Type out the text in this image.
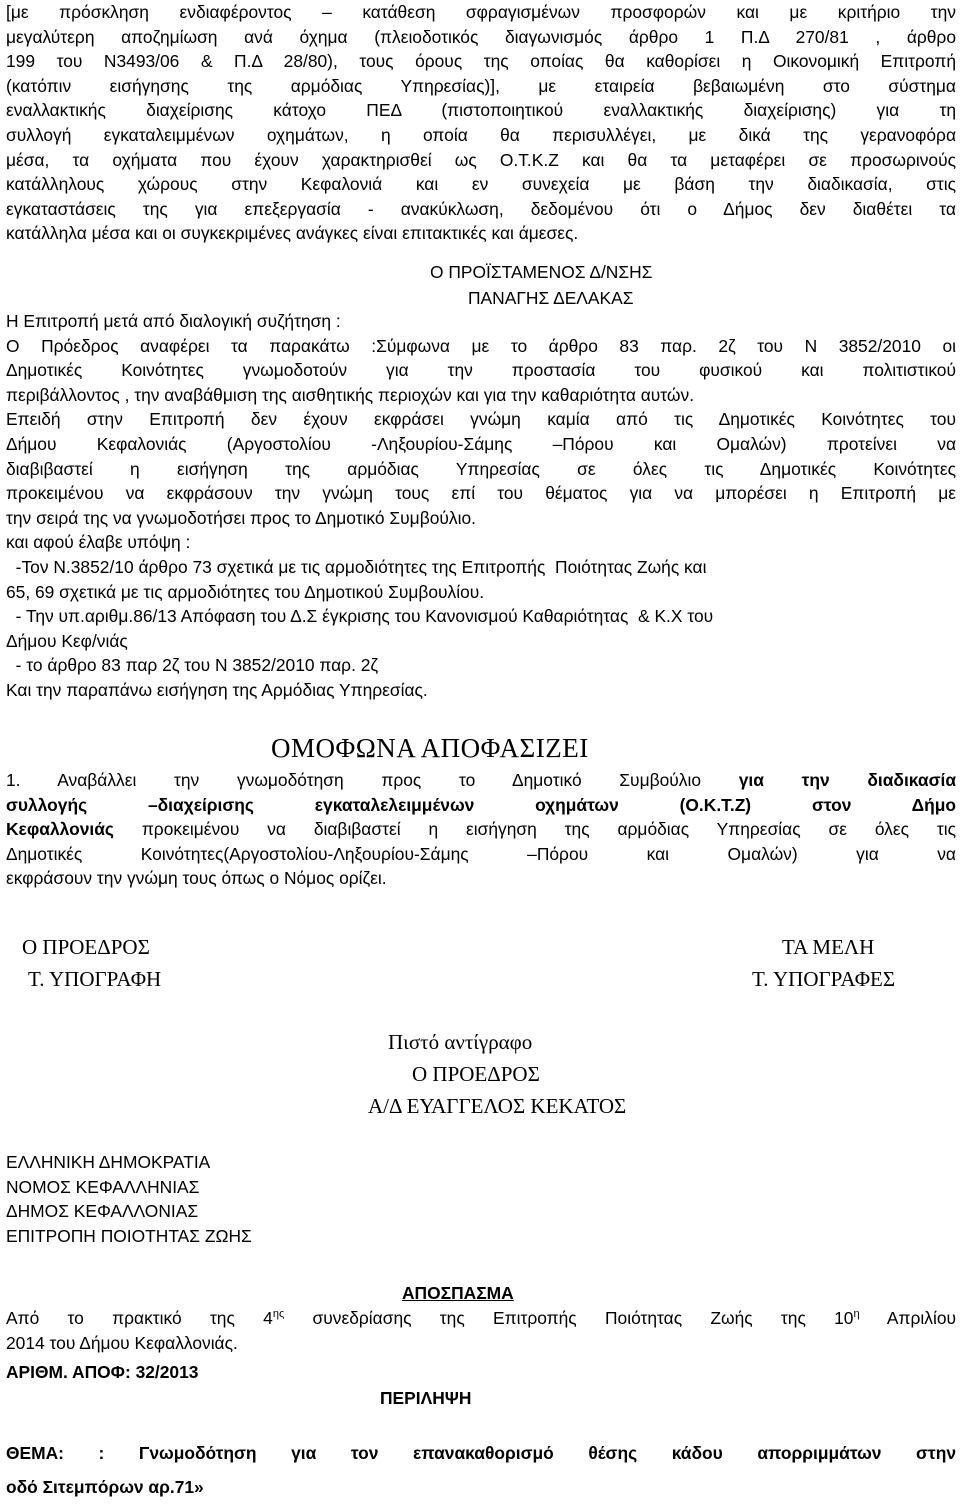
[με πρόσκληση ενδιαφέροντος – κατάθεση σφραγισμένων προσφορών και με κριτήριο την
μεγαλύτερη αποζημίωση ανά όχημα (πλειοδοτικός διαγωνισμός άρθρο 1 Π.Δ 270/81 , άρθρο
199 του Ν3493/06 & Π.Δ 28/80), τους όρους της οποίας θα καθορίσει η Οικονομική Επιτροπή
(κατόπιν εισήγησης της αρμόδιας Υπηρεσίας)], με εταιρεία βεβαιωμένη στο σύστημα
εναλλακτικής διαχείρισης κάτοχο ΠΕΔ (πιστοποιητικού εναλλακτικής διαχείρισης) για τη
συλλογή εγκαταλειμμένων οχημάτων, η οποία θα περισυλλέγει, με δικά της γερανοφόρα
μέσα, τα οχήματα που έχουν χαρακτηρισθεί ως Ο.Τ.Κ.Ζ και θα τα μεταφέρει σε προσωρινούς
κατάλληλους χώρους στην Κεφαλονιά και εν συνεχεία με βάση την διαδικασία, στις
εγκαταστάσεις της για επεξεργασία - ανακύκλωση, δεδομένου ότι ο Δήμος δεν διαθέτει τα
κατάλληλα μέσα και οι συγκεκριμένες ανάγκες είναι επιτακτικές και άμεσες.
Ο ΠΡΟΪΣΤΑΜΕΝΟΣ Δ/ΝΣΗΣ
ΠΑΝΑΓΗΣ ΔΕΛΑΚΑΣ
Η Επιτροπή μετά από διαλογική συζήτηση :
Ο Πρόεδρος αναφέρει τα παρακάτω :Σύμφωνα με το άρθρο 83 παρ. 2ζ του Ν 3852/2010 οι
Δημοτικές Κοινότητες γνωμοδοτούν για την προστασία του φυσικού και πολιτιστικού
περιβάλλοντος , την αναβάθμιση της αισθητικής περιοχών και για την καθαριότητα αυτών.
Επειδή στην Επιτροπή δεν έχουν εκφράσει γνώμη καμία από τις Δημοτικές Κοινότητες του
Δήμου Κεφαλονιάς (Αργοστολίου -Ληξουρίου-Σάμης –Πόρου και Ομαλών) προτείνει να
διαβιβαστεί η εισήγηση της αρμόδιας Υπηρεσίας σε όλες τις Δημοτικές Κοινότητες
προκειμένου να εκφράσουν την γνώμη τους επί του θέματος για να μπορέσει η Επιτροπή με
την σειρά της να γνωμοδοτήσει προς το Δημοτικό Συμβούλιο.
και αφού έλαβε υπόψη :
-Τον Ν.3852/10 άρθρο 73 σχετικά με τις αρμοδιότητες της Επιτροπής  Ποιότητας Ζωής και
65, 69 σχετικά με τις αρμοδιότητες του Δημοτικού Συμβουλίου.
- Την υπ.αριθμ.86/13 Απόφαση του Δ.Σ έγκρισης του Κανονισμού Καθαριότητας  & Κ.Χ του
Δήμου Κεφ/νιάς
- το άρθρο 83 παρ 2ζ του Ν 3852/2010 παρ. 2ζ
Και την παραπάνω εισήγηση της Αρμόδιας Υπηρεσίας.
ΟΜΟΦΩΝΑ ΑΠΟΦΑΣΙΖΕΙ
1. Αναβάλλει την γνωμοδότηση προς το Δημοτικό Συμβούλιο για την διαδικασία
συλλογής –διαχείρισης εγκαταλελειμμένων οχημάτων (Ο.Κ.Τ.Ζ) στον Δήμο
Κεφαλλονιάς προκειμένου να διαβιβαστεί η εισήγηση της αρμόδιας Υπηρεσίας σε όλες τις
Δημοτικές Κοινότητες(Αργοστολίου-Ληξουρίου-Σάμης –Πόρου και Ομαλών) για να
εκφράσουν την γνώμη τους όπως ο Νόμος ορίζει.
Ο ΠΡΟΕΔΡΟΣ
Τ. ΥΠΟΓΡΑΦΗ
ΤΑ ΜΕΛΗ
Τ. ΥΠΟΓΡΑΦΕΣ
Πιστό αντίγραφο
Ο ΠΡΟΕΔΡΟΣ
Α/Δ ΕΥΑΓΓΕΛΟΣ ΚΕΚΑΤΟΣ
ΕΛΛΗΝΙΚΗ ΔΗΜΟΚΡΑΤΙΑ
ΝΟΜΟΣ ΚΕΦΑΛΛΗΝΙΑΣ
ΔΗΜΟΣ ΚΕΦΑΛΛΟΝΙΑΣ
ΕΠΙΤΡΟΠΗ ΠΟΙΟΤΗΤΑΣ ΖΩΗΣ
ΑΠΟΣΠΑΣΜΑ
Από το πρακτικό της $4^{\eta\varsigma}$ συνεδρίασης της Επιτροπής Ποιότητας Ζωής της $10^\eta$ Απριλίου
2014 του Δήμου Κεφαλλονιάς.
ΑΡΙΘΜ. ΑΠΟΦ: 32/2013
ΠΕΡΙΛΗΨΗ
ΘΕΜΑ: : Γνωμοδότηση για τον επανακαθορισμό θέσης κάδου απορριμμάτων στην
οδό Σιτεμπόρων αρ.71»
